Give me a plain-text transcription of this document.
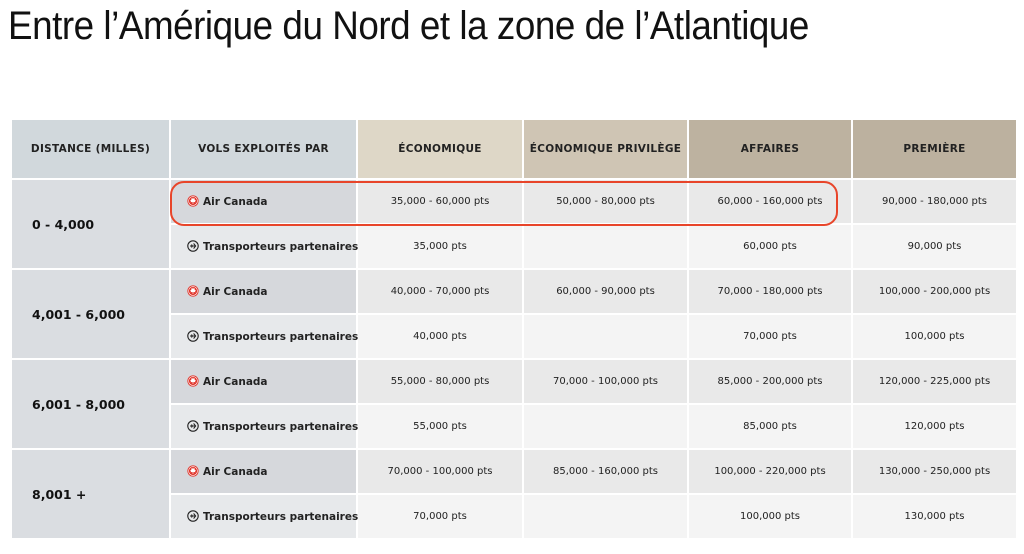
Entre l’Amérique du Nord et la zone de l’Atlantique
DISTANCE (MILLES)	VOLS EXPLOITÉS PAR	ÉCONOMIQUE	ÉCONOMIQUE PRIVILÈGE	AFFAIRES	PREMIÈRE
0 - 4,000	Air Canada	35,000 - 60,000 pts	50,000 - 80,000 pts	60,000 - 160,000 pts	90,000 - 180,000 pts
	Transporteurs partenaires	35,000 pts		60,000 pts	90,000 pts
4,001 - 6,000	Air Canada	40,000 - 70,000 pts	60,000 - 90,000 pts	70,000 - 180,000 pts	100,000 - 200,000 pts
	Transporteurs partenaires	40,000 pts		70,000 pts	100,000 pts
6,001 - 8,000	Air Canada	55,000 - 80,000 pts	70,000 - 100,000 pts	85,000 - 200,000 pts	120,000 - 225,000 pts
	Transporteurs partenaires	55,000 pts		85,000 pts	120,000 pts
8,001 +	Air Canada	70,000 - 100,000 pts	85,000 - 160,000 pts	100,000 - 220,000 pts	130,000 - 250,000 pts
	Transporteurs partenaires	70,000 pts		100,000 pts	130,000 pts
